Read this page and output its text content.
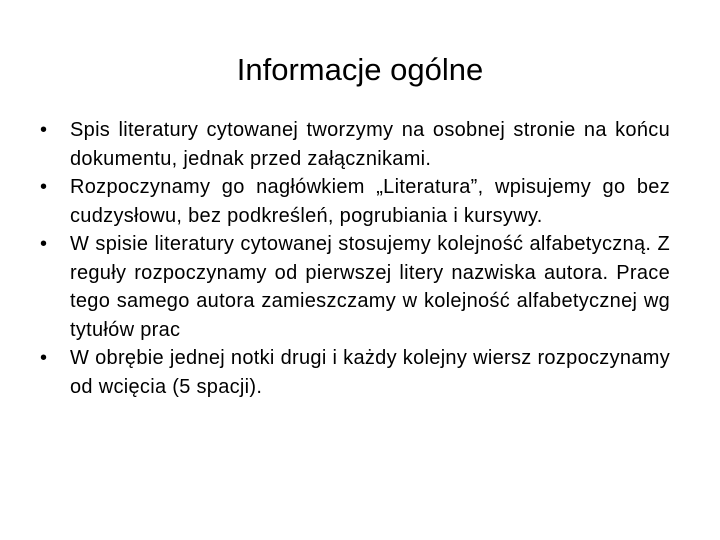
Informacje ogólne
•	Spis literatury cytowanej tworzymy na osobnej stronie na końcu dokumentu, jednak przed załącznikami.
•	Rozpoczynamy go nagłówkiem „Literatura”, wpisujemy go bez cudzysłowu, bez podkreśleń, pogrubiania i kursywy.
•	W spisie literatury cytowanej stosujemy kolejność alfabetyczną. Z reguły rozpoczynamy od pierwszej litery nazwiska autora. Prace tego samego autora zamieszczamy w kolejność alfabetycznej wg tytułów prac
•	W obrębie jednej notki drugi i każdy kolejny wiersz rozpoczynamy od wcięcia (5 spacji).
